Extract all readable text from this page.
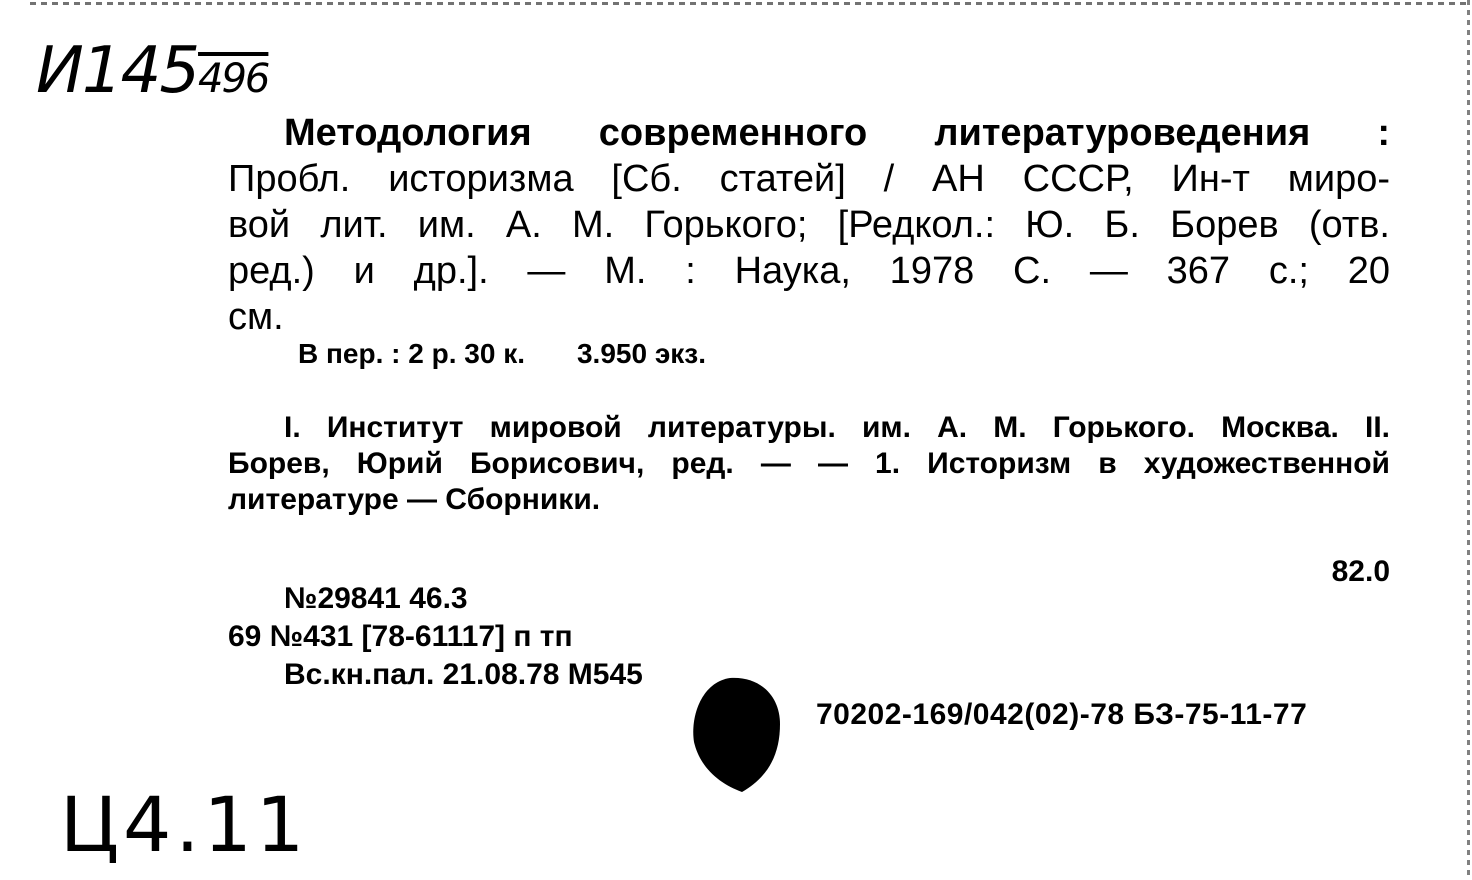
И145496
Методология современного литературоведения :
Пробл. историзма [Сб. статей] / АН СССР, Ин-т миро-
вой лит. им. А. М. Горького; [Редкол.: Ю. Б. Борев (отв.
ред.) и др.]. — М. : Наука, 1978 С. — 367 с.; 20
см.
В пер. : 2 р. 30 к. 3.950 экз.
I. Институт мировой литературы. им. А. М. Горького. Москва. II.
Борев, Юрий Борисович, ред. — — 1. Историзм в художественной
литературе — Сборники.
82.0
№29841 46.3
69 №431 [78-61117] п тп
Вс.кн.пал. 21.08.78 М545
70202-169/042(02)-78 БЗ-75-11-77
Ц4.11
